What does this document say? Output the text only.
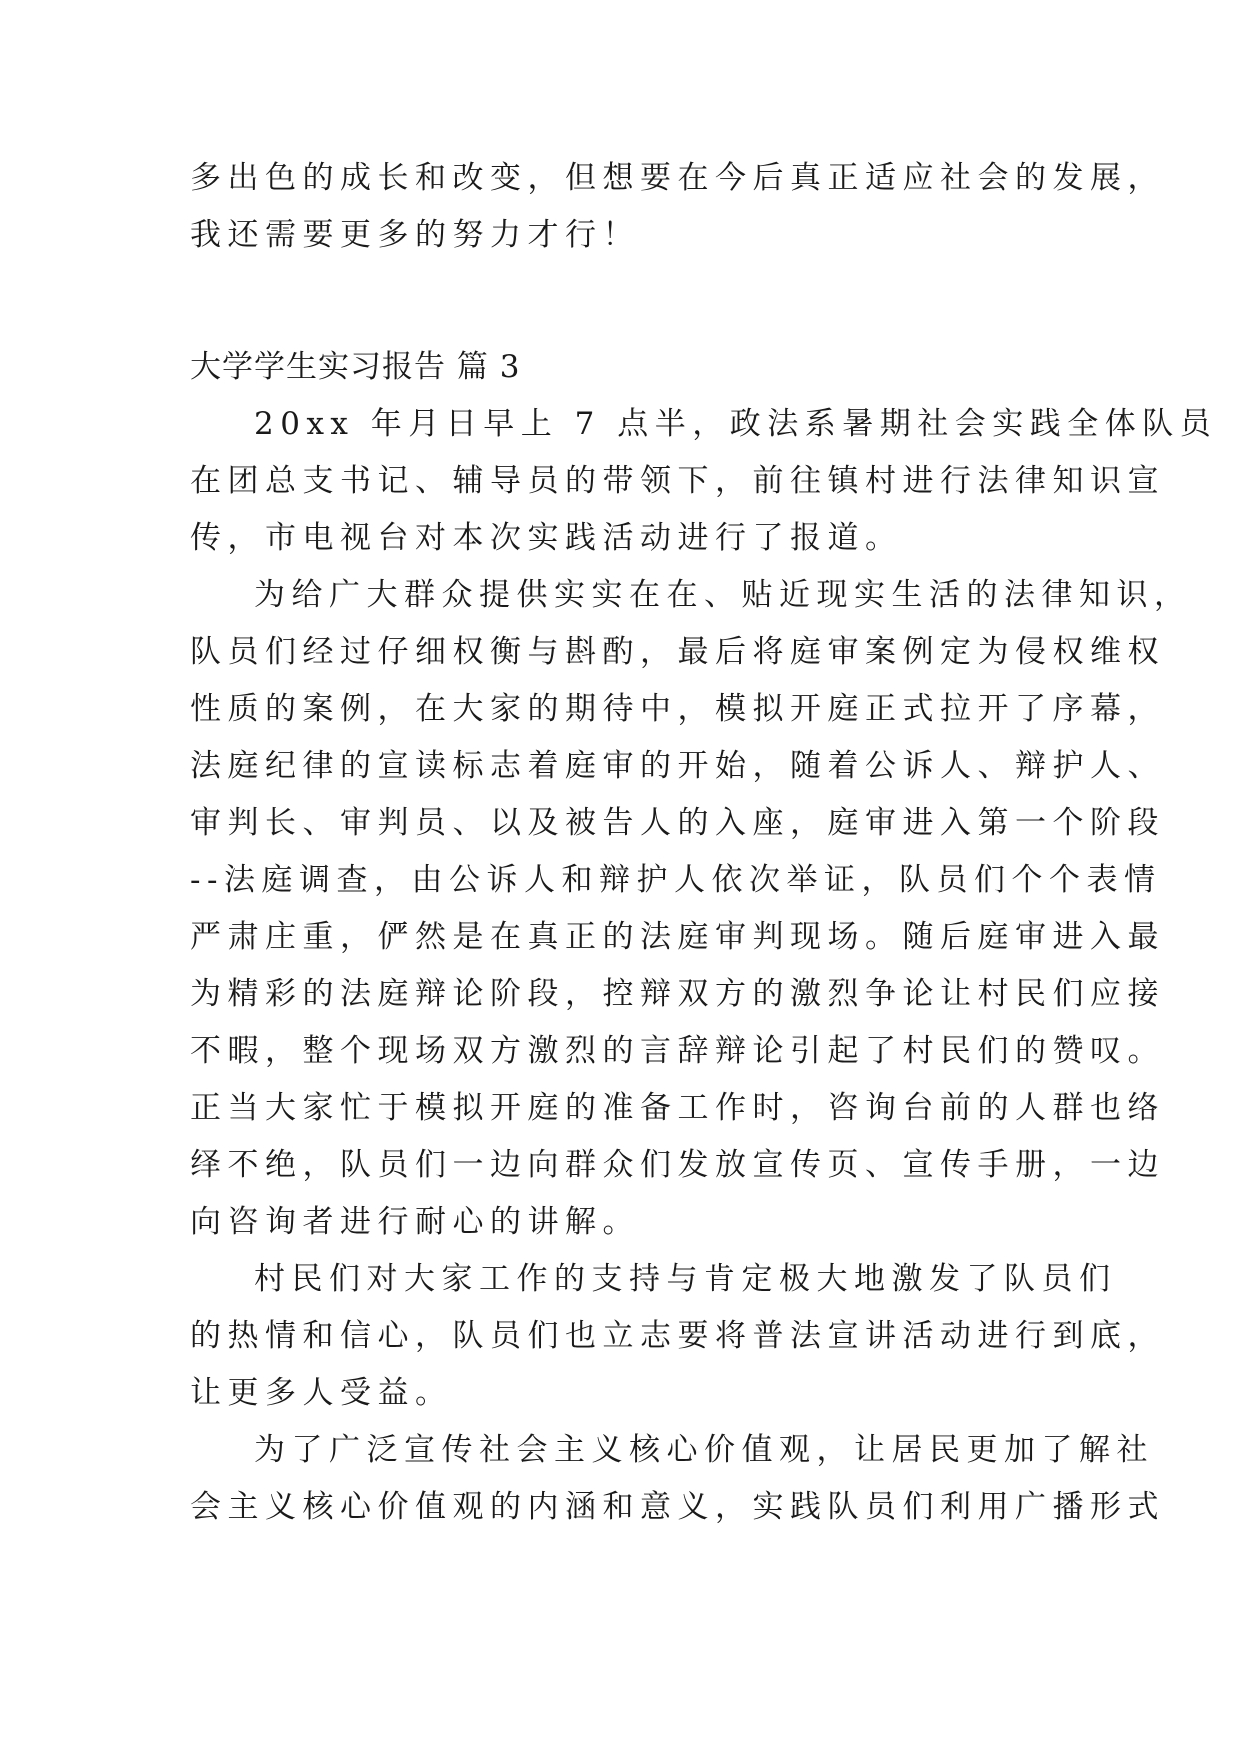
多出色的成长和改变，但想要在今后真正适应社会的发展，
我还需要更多的努力才行！
大学学生实习报告 篇 3
20xx 年月日早上 7 点半，政法系暑期社会实践全体队员
在团总支书记、辅导员的带领下，前往镇村进行法律知识宣
传，市电视台对本次实践活动进行了报道。
为给广大群众提供实实在在、贴近现实生活的法律知识，
队员们经过仔细权衡与斟酌，最后将庭审案例定为侵权维权
性质的案例，在大家的期待中，模拟开庭正式拉开了序幕，
法庭纪律的宣读标志着庭审的开始，随着公诉人、辩护人、
审判长、审判员、以及被告人的入座，庭审进入第一个阶段
--法庭调查，由公诉人和辩护人依次举证，队员们个个表情
严肃庄重，俨然是在真正的法庭审判现场。随后庭审进入最
为精彩的法庭辩论阶段，控辩双方的激烈争论让村民们应接
不暇，整个现场双方激烈的言辞辩论引起了村民们的赞叹。
正当大家忙于模拟开庭的准备工作时，咨询台前的人群也络
绎不绝，队员们一边向群众们发放宣传页、宣传手册，一边
向咨询者进行耐心的讲解。
村民们对大家工作的支持与肯定极大地激发了队员们
的热情和信心，队员们也立志要将普法宣讲活动进行到底，
让更多人受益。
为了广泛宣传社会主义核心价值观，让居民更加了解社
会主义核心价值观的内涵和意义，实践队员们利用广播形式
